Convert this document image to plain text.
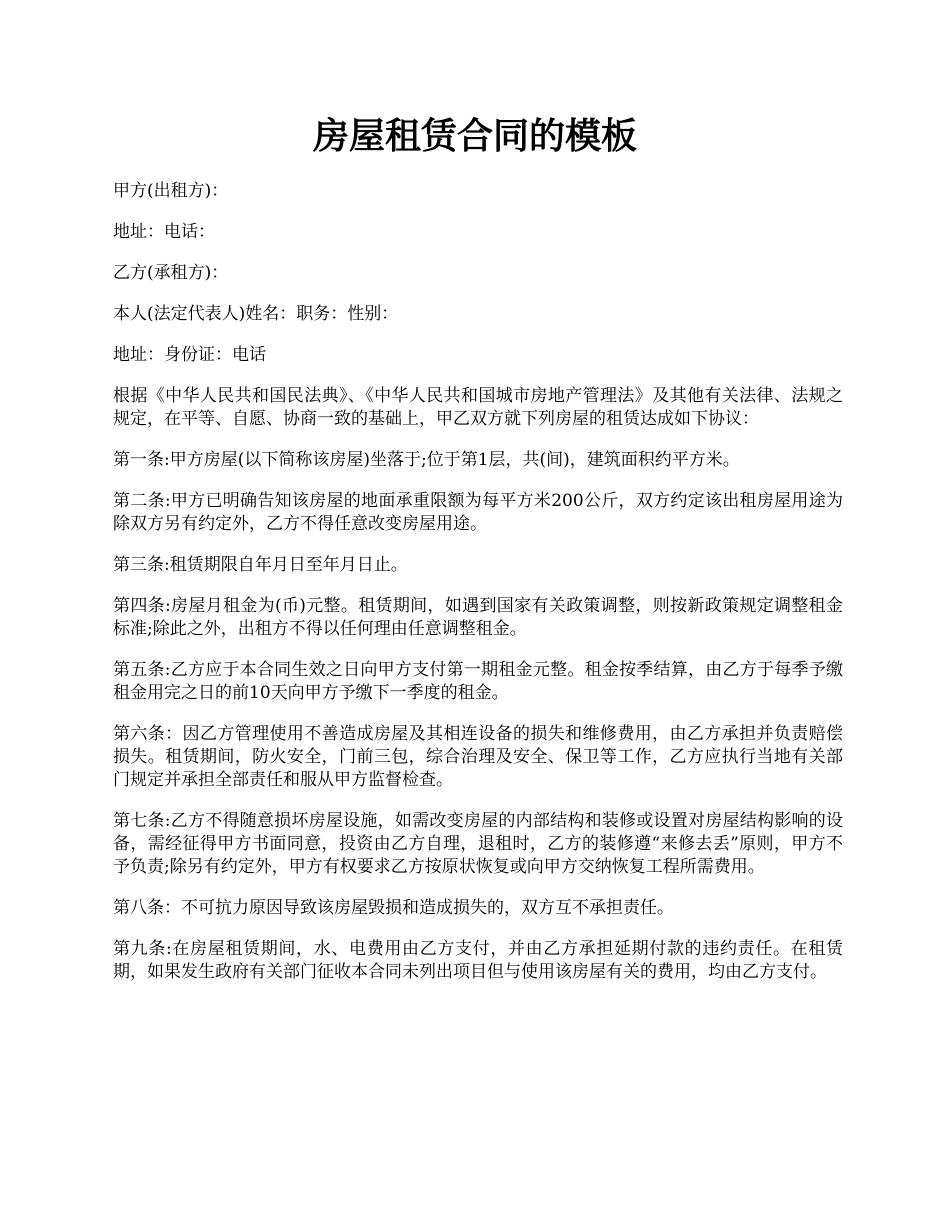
房屋租赁合同的模板

甲方(出租方)：

地址：电话：

乙方(承租方)：

本人(法定代表人)姓名：职务：性别：

地址：身份证：电话

根据《中华人民共和国民法典》、《中华人民共和国城市房地产管理法》及其他有关法律、法规之规定，在平等、自愿、协商一致的基础上，甲乙双方就下列房屋的租赁达成如下协议：

第一条:甲方房屋(以下简称该房屋)坐落于;位于第1层，共(间)，建筑面积约平方米。

第二条:甲方已明确告知该房屋的地面承重限额为每平方米200公斤，双方约定该出租房屋用途为除双方另有约定外，乙方不得任意改变房屋用途。

第三条:租赁期限自年月日至年月日止。

第四条:房屋月租金为(币)元整。租赁期间，如遇到国家有关政策调整，则按新政策规定调整租金标准;除此之外，出租方不得以任何理由任意调整租金。

第五条:乙方应于本合同生效之日向甲方支付第一期租金元整。租金按季结算，由乙方于每季予缴租金用完之日的前10天向甲方予缴下一季度的租金。

第六条：因乙方管理使用不善造成房屋及其相连设备的损失和维修费用，由乙方承担并负责赔偿损失。租赁期间，防火安全，门前三包，综合治理及安全、保卫等工作，乙方应执行当地有关部门规定并承担全部责任和服从甲方监督检查。

第七条:乙方不得随意损坏房屋设施，如需改变房屋的内部结构和装修或设置对房屋结构影响的设备，需经征得甲方书面同意，投资由乙方自理，退租时，乙方的装修遵“来修去丢”原则，甲方不予负责;除另有约定外，甲方有权要求乙方按原状恢复或向甲方交纳恢复工程所需费用。

第八条：不可抗力原因导致该房屋毁损和造成损失的，双方互不承担责任。

第九条:在房屋租赁期间，水、电费用由乙方支付，并由乙方承担延期付款的违约责任。在租赁期，如果发生政府有关部门征收本合同未列出项目但与使用该房屋有关的费用，均由乙方支付。
